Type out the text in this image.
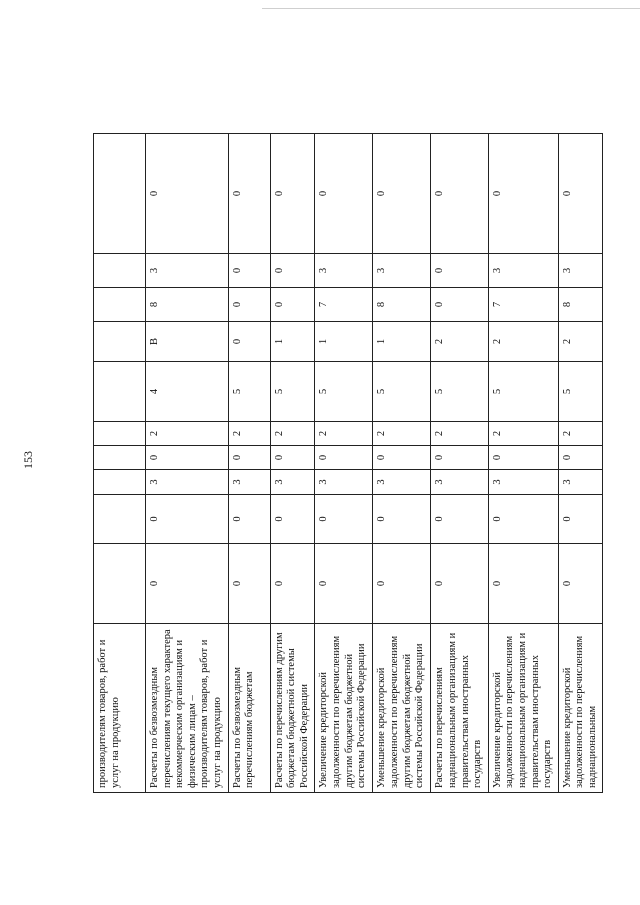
153
производителям товаров, работ и услуг на продукцию										
Расчеты по безвозмездным перечислениям текущего характера некоммерческим организациям и физическим лицам – производителям товаров, работ и услуг на продукцию	0	0	3	0	2	4	В	8	3	0
Расчеты по безвозмездным перечислениям бюджетам	0	0	3	0	2	5	0	0	0	0
Расчеты по перечислениям другим бюджетам бюджетной системы Российской Федерации	0	0	3	0	2	5	1	0	0	0
Увеличение кредиторской задолженности по перечислениям другим бюджетам бюджетной системы Российской Федерации	0	0	3	0	2	5	1	7	3	0
Уменьшение кредиторской задолженности по перечислениям другим бюджетам бюджетной системы Российской Федерации	0	0	3	0	2	5	1	8	3	0
Расчеты по перечислениям наднациональным организациям и правительствам иностранных государств	0	0	3	0	2	5	2	0	0	0
Увеличение кредиторской задолженности по перечислениям наднациональным организациям и правительствам иностранных государств	0	0	3	0	2	5	2	7	3	0
Уменьшение кредиторской задолженности по перечислениям наднациональным	0	0	3	0	2	5	2	8	3	0
